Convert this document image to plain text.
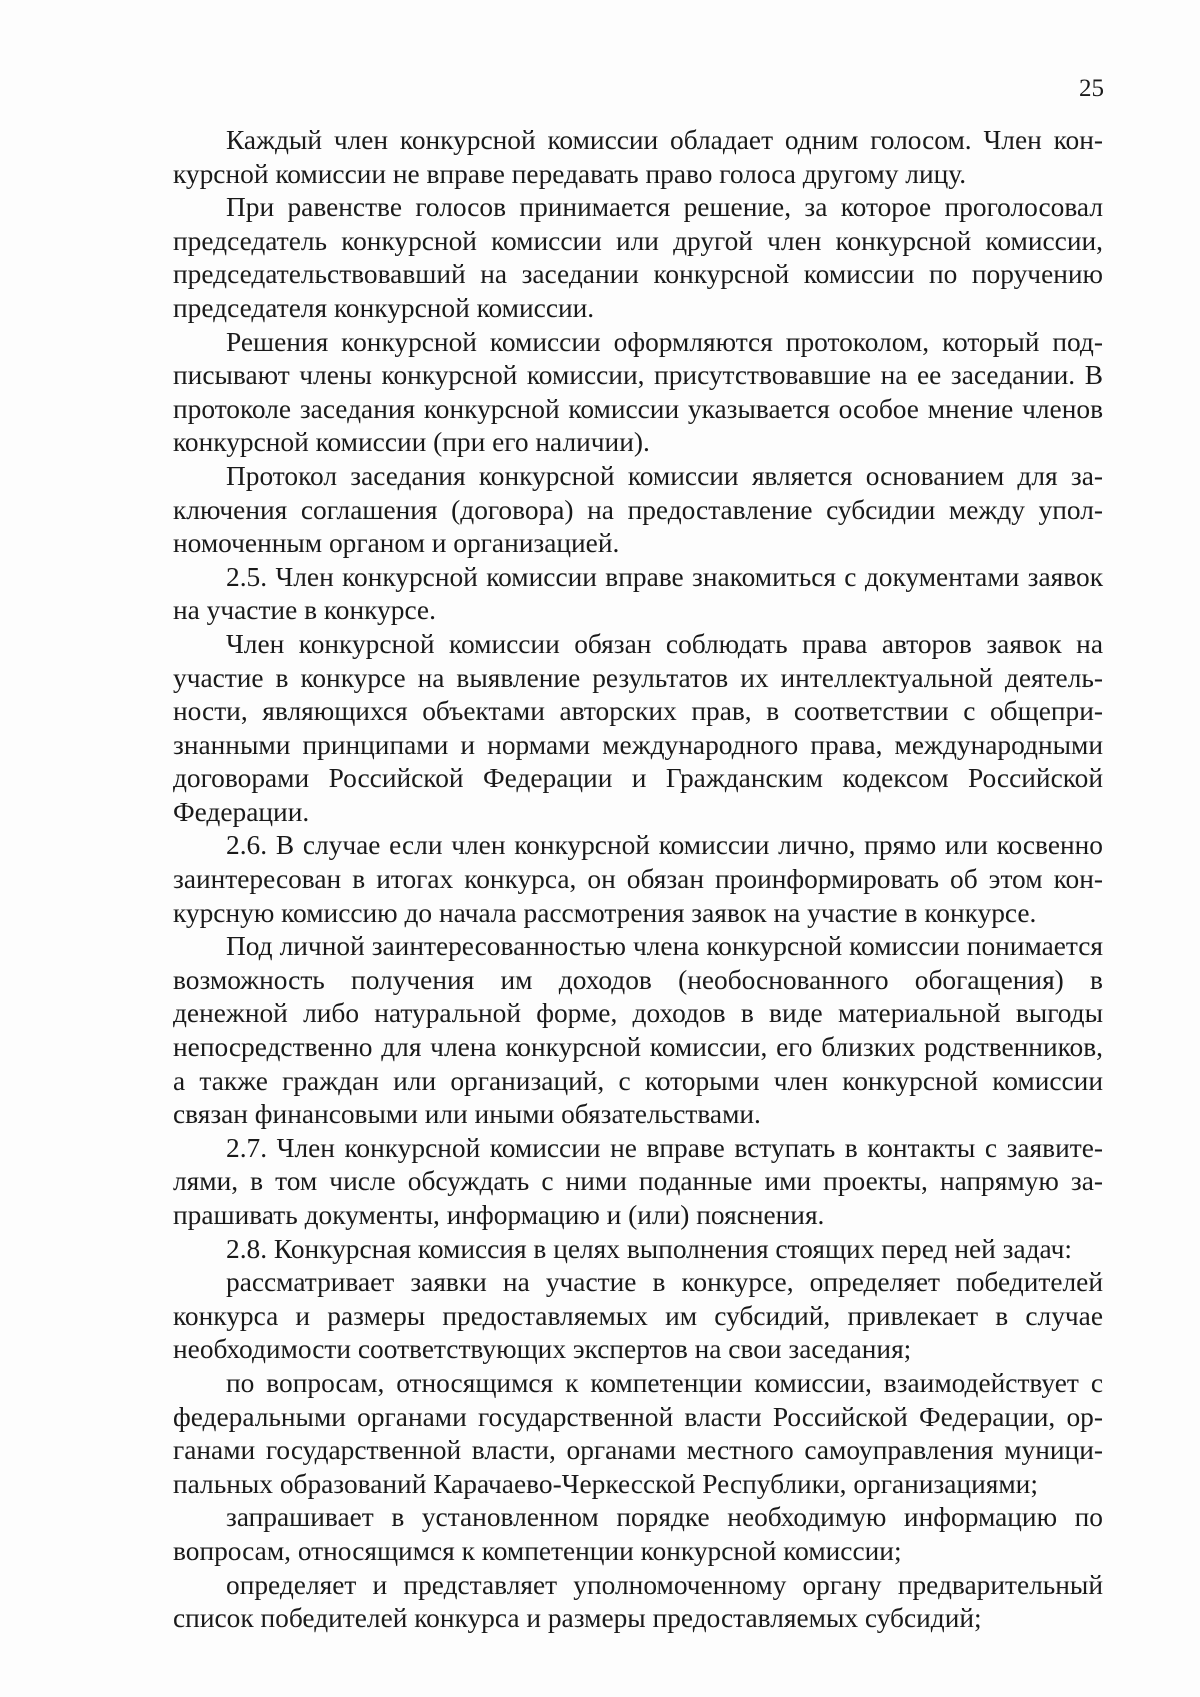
25

Каждый член конкурсной комиссии обладает одним голосом. Член конкурсной комиссии не вправе передавать право голоса другому лицу.

При равенстве голосов принимается решение, за которое проголосовал председатель конкурсной комиссии или другой член конкурсной комиссии, председательствовавший на заседании конкурсной комиссии по поручению председателя конкурсной комиссии.

Решения конкурсной комиссии оформляются протоколом, который подписывают члены конкурсной комиссии, присутствовавшие на ее заседании. В протоколе заседания конкурсной комиссии указывается особое мнение членов конкурсной комиссии (при его наличии).

Протокол заседания конкурсной комиссии является основанием для заключения соглашения (договора) на предоставление субсидии между уполномоченным органом и организацией.

2.5. Член конкурсной комиссии вправе знакомиться с документами заявок на участие в конкурсе.

Член конкурсной комиссии обязан соблюдать права авторов заявок на участие в конкурсе на выявление результатов их интеллектуальной деятельности, являющихся объектами авторских прав, в соответствии с общепризнанными принципами и нормами международного права, международными договорами Российской Федерации и Гражданским кодексом Российской Федерации.

2.6. В случае если член конкурсной комиссии лично, прямо или косвенно заинтересован в итогах конкурса, он обязан проинформировать об этом конкурсную комиссию до начала рассмотрения заявок на участие в конкурсе.

Под личной заинтересованностью члена конкурсной комиссии понимается возможность получения им доходов (необоснованного обогащения) в денежной либо натуральной форме, доходов в виде материальной выгоды непосредственно для члена конкурсной комиссии, его близких родственников, а также граждан или организаций, с которыми член конкурсной комиссии связан финансовыми или иными обязательствами.

2.7. Член конкурсной комиссии не вправе вступать в контакты с заявителями, в том числе обсуждать с ними поданные ими проекты, напрямую запрашивать документы, информацию и (или) пояснения.

2.8. Конкурсная комиссия в целях выполнения стоящих перед ней задач:

рассматривает заявки на участие в конкурсе, определяет победителей конкурса и размеры предоставляемых им субсидий, привлекает в случае необходимости соответствующих экспертов на свои заседания;

по вопросам, относящимся к компетенции комиссии, взаимодействует с федеральными органами государственной власти Российской Федерации, органами государственной власти, органами местного самоуправления муниципальных образований Карачаево-Черкесской Республики, организациями;

запрашивает в установленном порядке необходимую информацию по вопросам, относящимся к компетенции конкурсной комиссии;

определяет и представляет уполномоченному органу предварительный список победителей конкурса и размеры предоставляемых субсидий;
